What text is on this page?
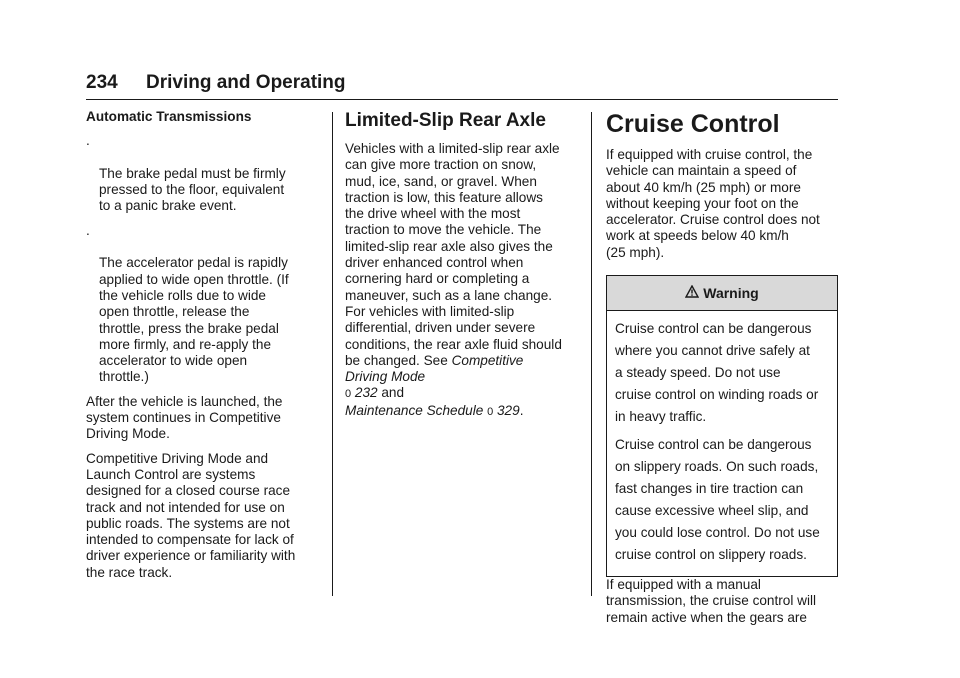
234 Driving and Operating
Automatic Transmissions

.

The brake pedal must be firmly
pressed to the floor, equivalent
to a panic brake event.

.

The accelerator pedal is rapidly
applied to wide open throttle. (If
the vehicle rolls due to wide
open throttle, release the
throttle, press the brake pedal
more firmly, and re-apply the
accelerator to wide open
throttle.)

After the vehicle is launched, the
system continues in Competitive
Driving Mode.

Competitive Driving Mode and
Launch Control are systems
designed for a closed course race
track and not intended for use on
public roads. The systems are not
intended to compensate for lack of
driver experience or familiarity with
the race track.

Limited-Slip Rear Axle

Vehicles with a limited-slip rear axle
can give more traction on snow,
mud, ice, sand, or gravel. When
traction is low, this feature allows
the drive wheel with the most
traction to move the vehicle. The
limited-slip rear axle also gives the
driver enhanced control when
cornering hard or completing a
maneuver, such as a lane change.
For vehicles with limited-slip
differential, driven under severe
conditions, the rear axle fluid should
be changed. See Competitive
Driving Mode
0 232 and
Maintenance Schedule 0 329.

Cruise Control

If equipped with cruise control, the
vehicle can maintain a speed of
about 40 km/h (25 mph) or more
without keeping your foot on the
accelerator. Cruise control does not
work at speeds below 40 km/h
(25 mph).

Warning

Cruise control can be dangerous
where you cannot drive safely at
a steady speed. Do not use
cruise control on winding roads or
in heavy traffic.

Cruise control can be dangerous
on slippery roads. On such roads,
fast changes in tire traction can
cause excessive wheel slip, and
you could lose control. Do not use
cruise control on slippery roads.

If equipped with a manual
transmission, the cruise control will
remain active when the gears are
